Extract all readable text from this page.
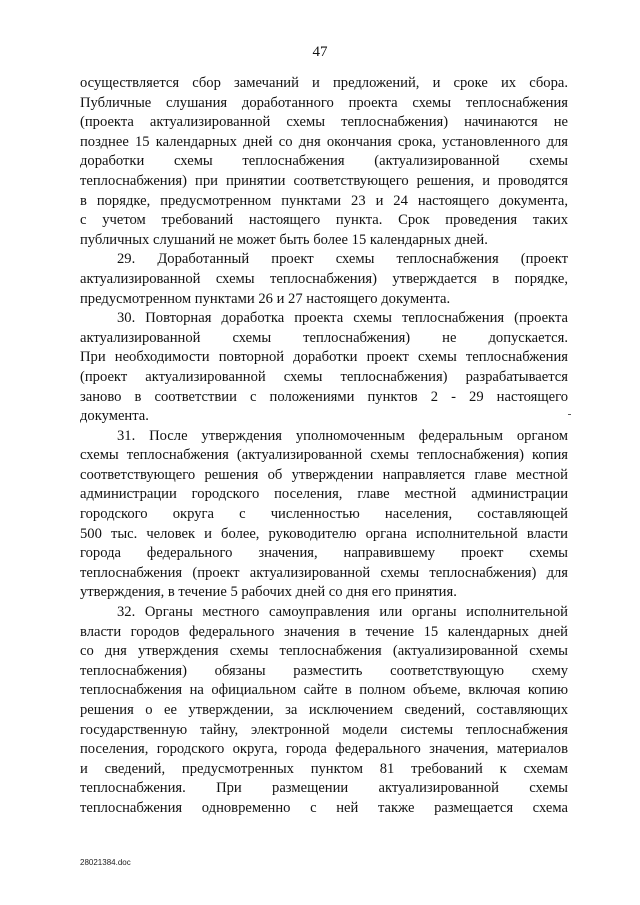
47
осуществляется сбор замечаний и предложений, и сроке их сбора.
Публичные слушания доработанного проекта схемы теплоснабжения
(проекта актуализированной схемы теплоснабжения) начинаются не
позднее 15 календарных дней со дня окончания срока, установленного для
доработки схемы теплоснабжения (актуализированной схемы
теплоснабжения) при принятии соответствующего решения, и проводятся
в порядке, предусмотренном пунктами 23 и 24 настоящего документа,
с учетом требований настоящего пункта. Срок проведения таких
публичных слушаний не может быть более 15 календарных дней.
29. Доработанный проект схемы теплоснабжения (проект
актуализированной схемы теплоснабжения) утверждается в порядке,
предусмотренном пунктами 26 и 27 настоящего документа.
30. Повторная доработка проекта схемы теплоснабжения (проекта
актуализированной схемы теплоснабжения) не допускается.
При необходимости повторной доработки проект схемы теплоснабжения
(проект актуализированной схемы теплоснабжения) разрабатывается
заново в соответствии с положениями пунктов 2 - 29 настоящего
документа.
31. После утверждения уполномоченным федеральным органом
схемы теплоснабжения (актуализированной схемы теплоснабжения) копия
соответствующего решения об утверждении направляется главе местной
администрации городского поселения, главе местной администрации
городского округа с численностью населения, составляющей
500 тыс. человек и более, руководителю органа исполнительной власти
города федерального значения, направившему проект схемы
теплоснабжения (проект актуализированной схемы теплоснабжения) для
утверждения, в течение 5 рабочих дней со дня его принятия.
32. Органы местного самоуправления или органы исполнительной
власти городов федерального значения в течение 15 календарных дней
со дня утверждения схемы теплоснабжения (актуализированной схемы
теплоснабжения) обязаны разместить соответствующую схему
теплоснабжения на официальном сайте в полном объеме, включая копию
решения о ее утверждении, за исключением сведений, составляющих
государственную тайну, электронной модели системы теплоснабжения
поселения, городского округа, города федерального значения, материалов
и сведений, предусмотренных пунктом 81 требований к схемам
теплоснабжения. При размещении актуализированной схемы
теплоснабжения одновременно с ней также размещается схема
28021384.doc
